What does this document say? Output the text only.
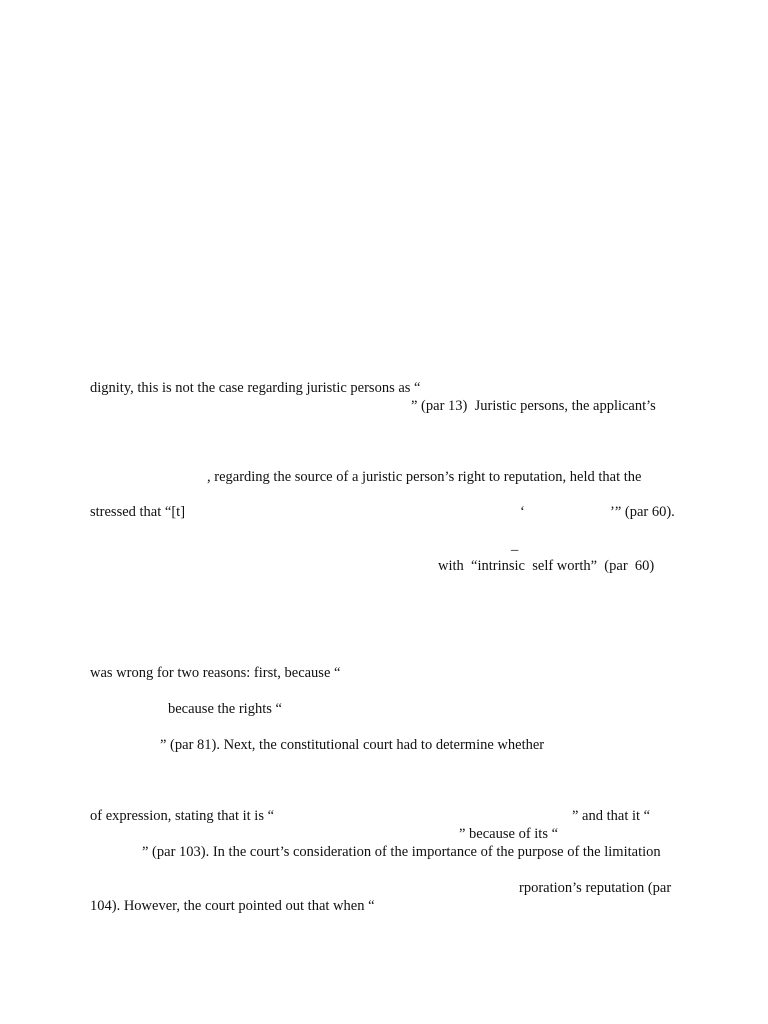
dignity, this is not the case regarding juristic persons as “
” (par 13)  Juristic persons, the applicant’s
, regarding the source of a juristic person’s right to reputation, held that the
stressed that “[t]	‘	’” (par 60).
_
with  “intrinsic  self worth”  (par  60)
was wrong for two reasons: first, because “
because the rights “
” (par 81). Next, the constitutional court had to determine whether
of expression, stating that it is “	” and that it “
” because of its “
” (par 103). In the court’s consideration of the importance of the purpose of the limitation
rporation’s reputation (par
104). However, the court pointed out that when “
